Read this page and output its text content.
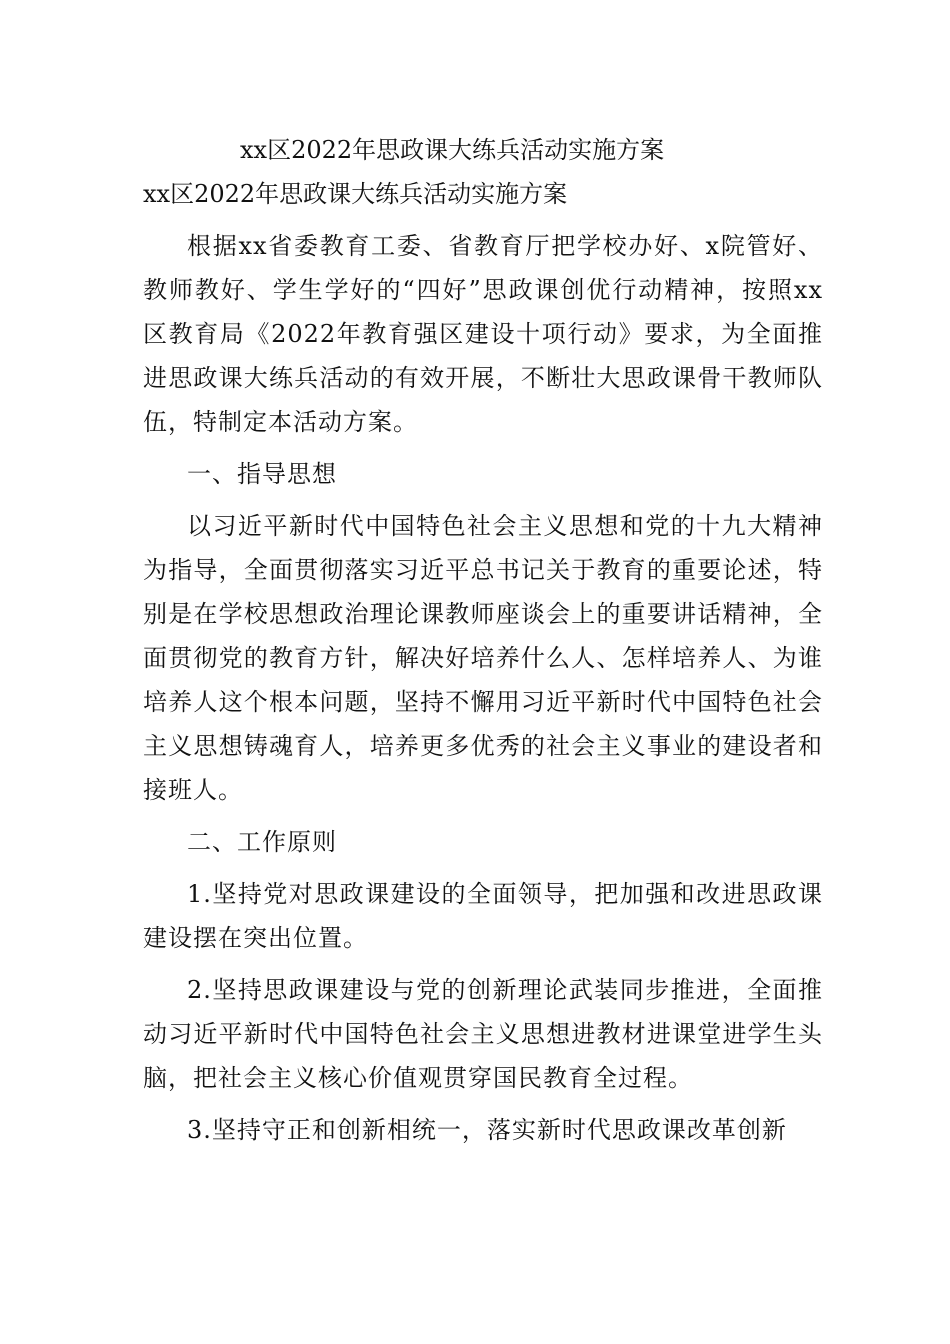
xx区2022年思政课大练兵活动实施方案

xx区2022年思政课大练兵活动实施方案

根据xx省委教育工委、省教育厅把学校办好、x院管好、教师教好、学生学好的“四好”思政课创优行动精神，按照xx区教育局《2022年教育强区建设十项行动》要求，为全面推进思政课大练兵活动的有效开展，不断壮大思政课骨干教师队伍，特制定本活动方案。

一、指导思想

以习近平新时代中国特色社会主义思想和党的十九大精神为指导，全面贯彻落实习近平总书记关于教育的重要论述，特别是在学校思想政治理论课教师座谈会上的重要讲话精神，全面贯彻党的教育方针，解决好培养什么人、怎样培养人、为谁培养人这个根本问题，坚持不懈用习近平新时代中国特色社会主义思想铸魂育人，培养更多优秀的社会主义事业的建设者和接班人。

二、工作原则

1.坚持党对思政课建设的全面领导，把加强和改进思政课建设摆在突出位置。

2.坚持思政课建设与党的创新理论武装同步推进，全面推动习近平新时代中国特色社会主义思想进教材进课堂进学生头脑，把社会主义核心价值观贯穿国民教育全过程。

3.坚持守正和创新相统一，落实新时代思政课改革创新
